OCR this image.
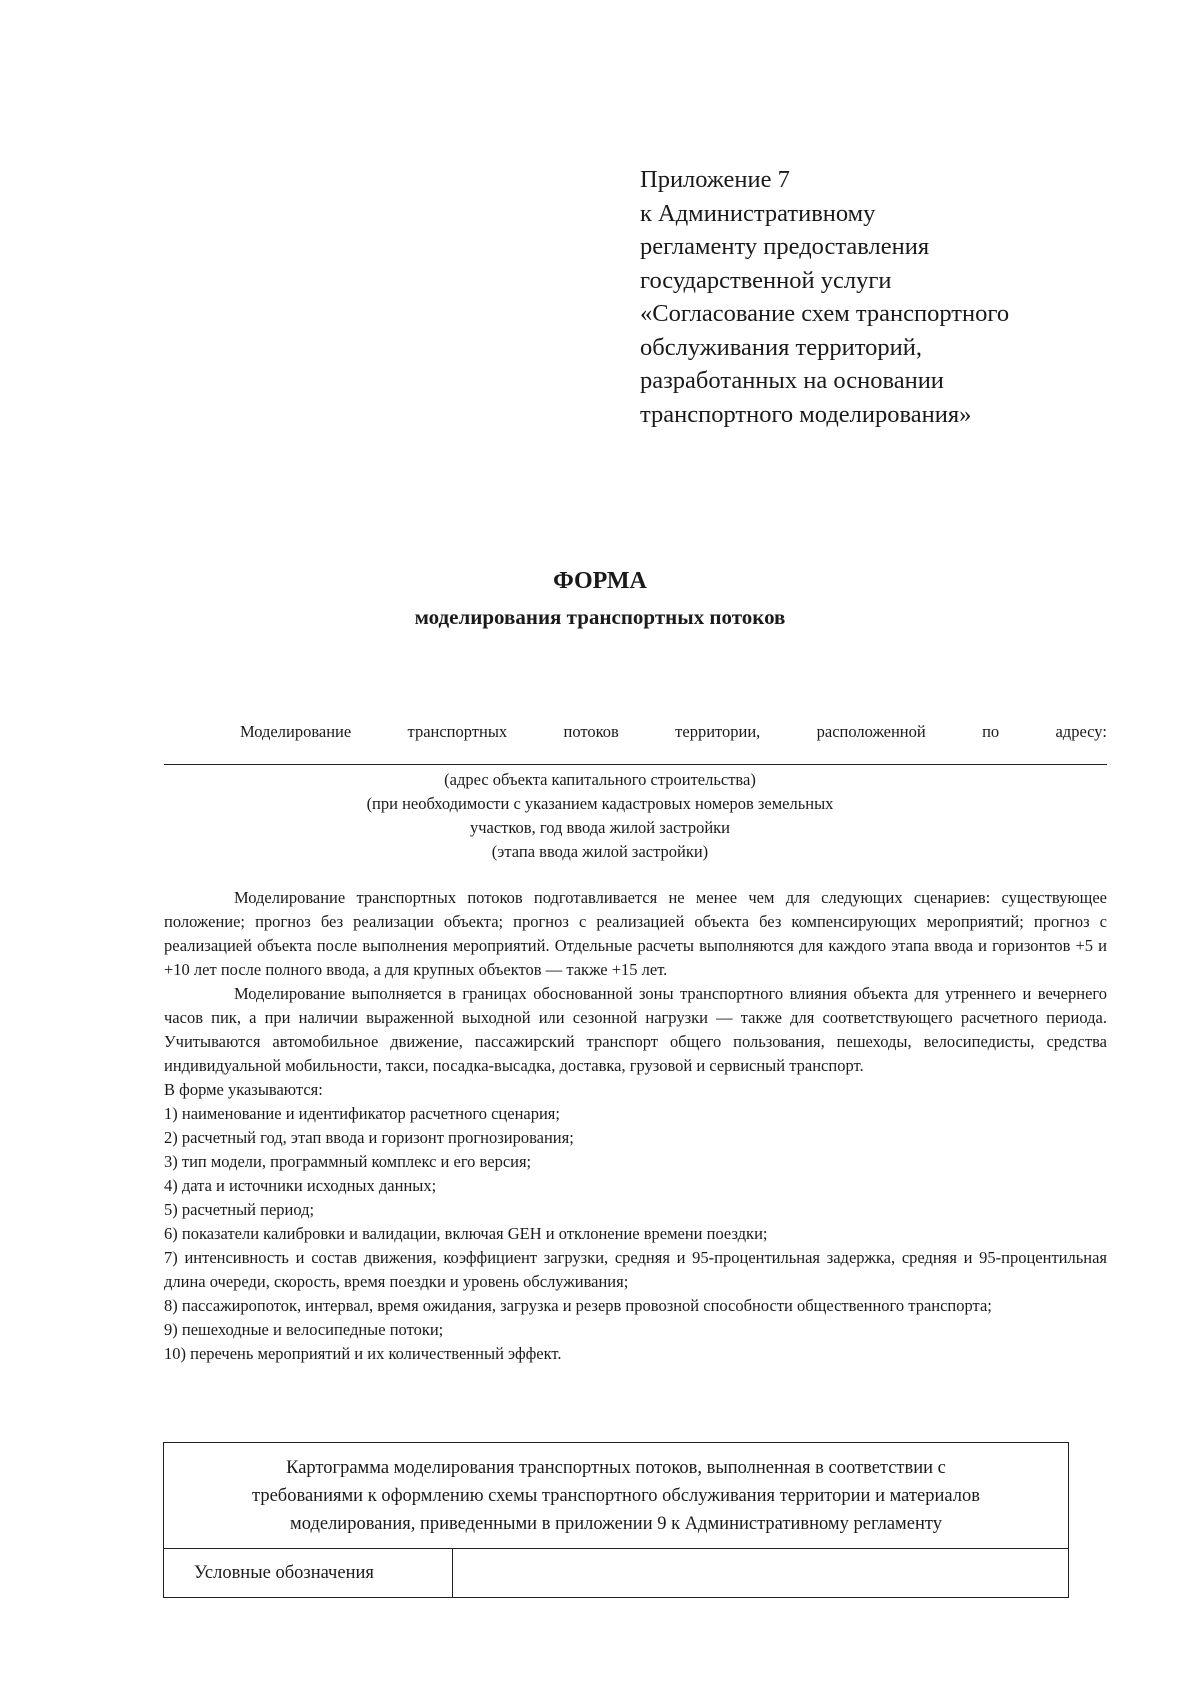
Приложение 7
к Административному
регламенту предоставления
государственной услуги
«Согласование схем транспортного
обслуживания территорий,
разработанных на основании
транспортного моделирования»
ФОРМА
моделирования транспортных потоков
Моделирование	транспортных	потоков	территории,	расположенной	по	адресу:
(адрес объекта капитального строительства)
(при необходимости с указанием кадастровых номеров земельных
участков, год ввода жилой застройки
(этапа ввода жилой застройки)

Моделирование транспортных потоков подготавливается не менее чем для следующих сценариев: существующее положение; прогноз без реализации объекта; прогноз с реализацией объекта без компенсирующих мероприятий; прогноз с реализацией объекта после выполнения мероприятий. Отдельные расчеты выполняются для каждого этапа ввода и горизонтов +5 и +10 лет после полного ввода, а для крупных объектов — также +15 лет.

Моделирование выполняется в границах обоснованной зоны транспортного влияния объекта для утреннего и вечернего часов пик, а при наличии выраженной выходной или сезонной нагрузки — также для соответствующего расчетного периода. Учитываются автомобильное движение, пассажирский транспорт общего пользования, пешеходы, велосипедисты, средства индивидуальной мобильности, такси, посадка-высадка, доставка, грузовой и сервисный транспорт.

В форме указываются:

1) наименование и идентификатор расчетного сценария;

2) расчетный год, этап ввода и горизонт прогнозирования;

3) тип модели, программный комплекс и его версия;

4) дата и источники исходных данных;

5) расчетный период;

6) показатели калибровки и валидации, включая GEH и отклонение времени поездки;

7) интенсивность и состав движения, коэффициент загрузки, средняя и 95-процентильная задержка, средняя и 95-процентильная длина очереди, скорость, время поездки и уровень обслуживания;

8) пассажиропоток, интервал, время ожидания, загрузка и резерв провозной способности общественного транспорта;

9) пешеходные и велосипедные потоки;

10) перечень мероприятий и их количественный эффект.

Картограмма моделирования транспортных потоков, выполненная в соответствии с
требованиями к оформлению схемы транспортного обслуживания территории и материалов
моделирования, приведенными в приложении 9 к Административному регламенту
Условные обозначения	
